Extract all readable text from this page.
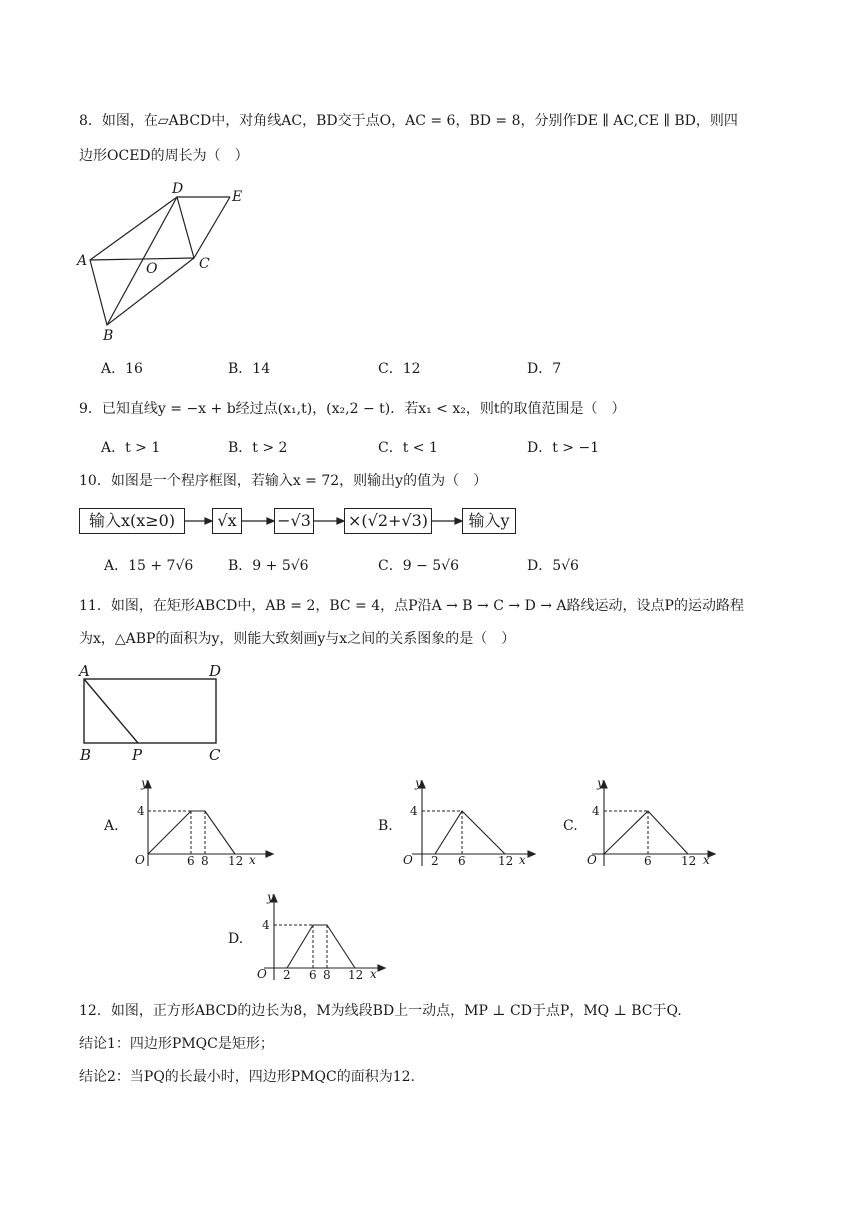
8．如图，在▱ABCD中，对角线AC，BD交于点O，AC = 6，BD = 8，分别作DE ∥ AC,CE ∥ BD，则四
边形OCED的周长为（　）
D	E
A	O	C
B
A．16	B．14	C．12	D．7
9．已知直线y = −x + b经过点(x₁,t)，(x₂,2 − t)．若x₁ < x₂，则t的取值范围是（　）
A．t > 1	B．t > 2	C．t < 1	D．t > −1
10．如图是一个程序框图，若输入x = 72，则输出y的值为（　）
输入x(x≥0)	√x	−√3 ×(√2+√3)	输入y
A．15 + 7√6 B．9 + 5√6	C．9 − 5√6	D．5√6
11．如图，在矩形ABCD中，AB = 2，BC = 4，点P沿A → B → C → D → A路线运动，设点P的运动路程
为x，△ABP的面积为y，则能大致刻画y与x之间的关系图象的是（　）
A	D
B	P	C
A.
y
4
O	6 8 12 x
B.
y
4
O 2 6	12 x
C.
y
4
O	6 12 x
D.
y
4
O 2 6 8 12 x
12．如图，正方形ABCD的边长为8，M为线段BD上一动点，MP ⊥ CD于点P，MQ ⊥ BC于Q.
结论1：四边形PMQC是矩形；
结论2：当PQ的长最小时，四边形PMQC的面积为12.
